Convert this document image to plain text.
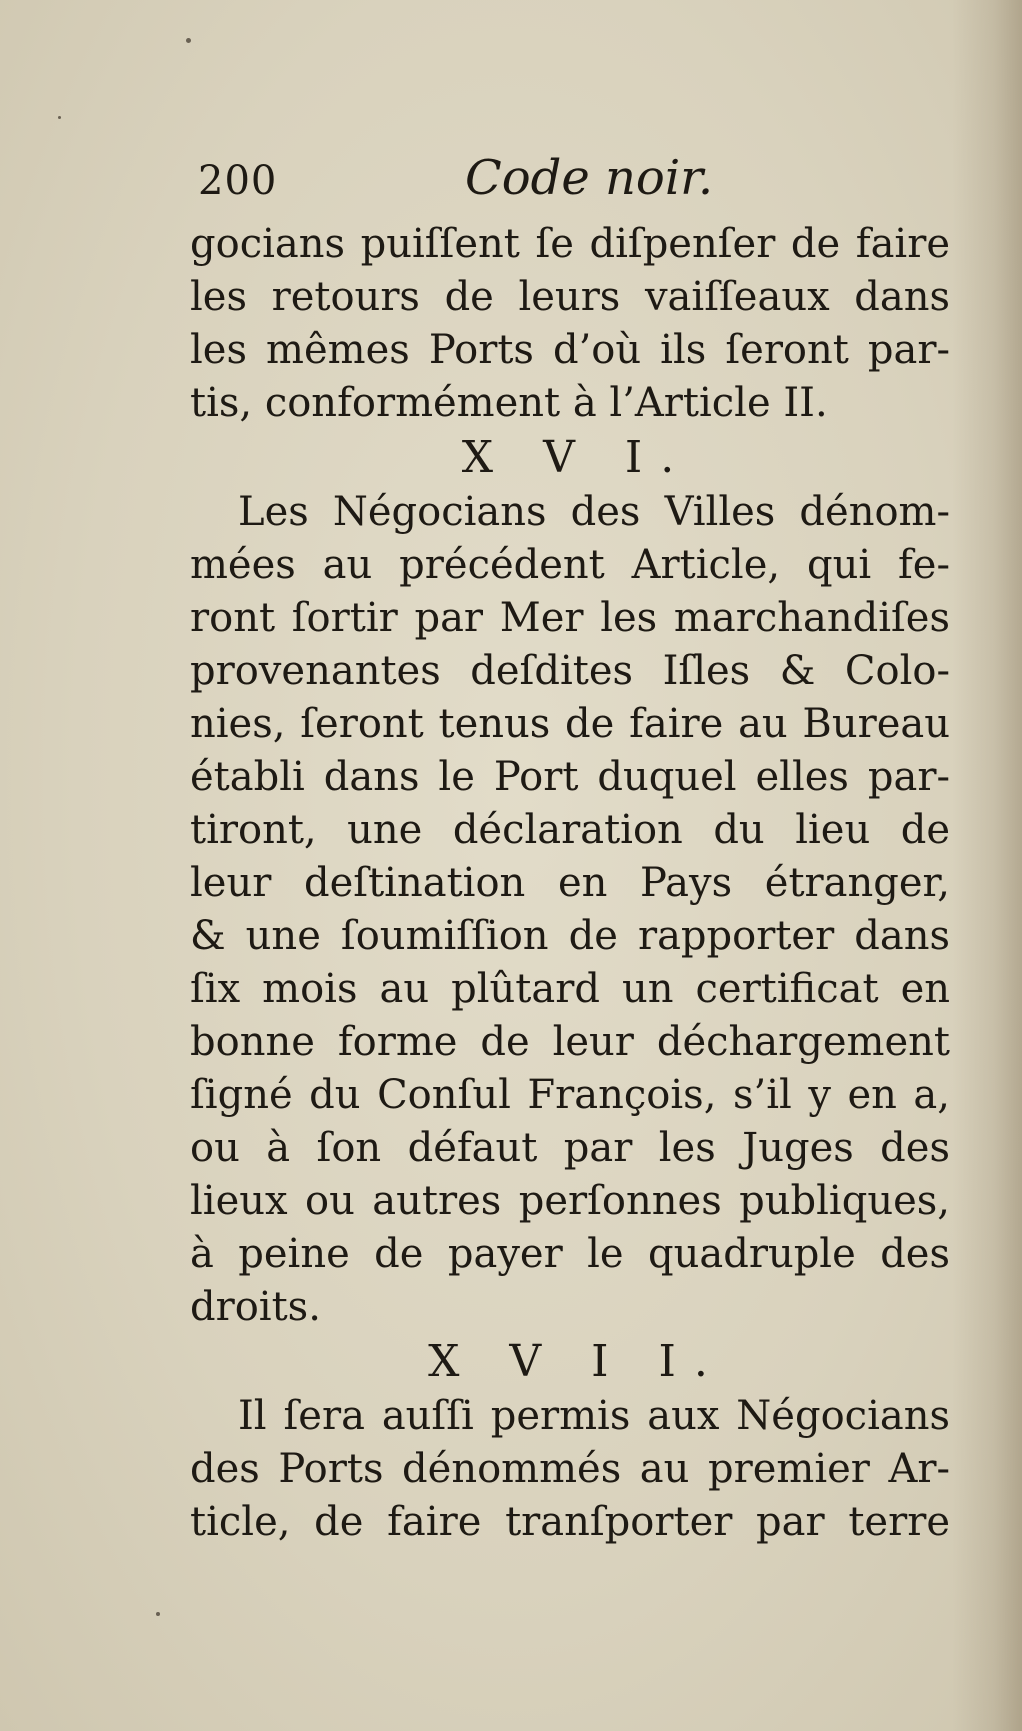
200	Code noir.
gocians puiſſent ſe diſpenſer de faire
les retours de leurs vaiſſeaux dans
les mêmes Ports d’où ils ſeront par-
tis, conformément à l’Article II.
X V I.
Les Négocians des Villes dénom-
mées au précédent Article, qui fe-
ront ſortir par Mer les marchandiſes
provenantes deſdites Iſles & Colo-
nies, ſeront tenus de faire au Bureau
établi dans le Port duquel elles par-
tiront, une déclaration du lieu de
leur deſtination en Pays étranger,
& une ſoumiſſion de rapporter dans
ſix mois au plûtard un certificat en
bonne forme de leur déchargement
ſigné du Conſul François, s’il y en a,
ou à ſon défaut par les Juges des
lieux ou autres perſonnes publiques,
à peine de payer le quadruple des
droits.
X V I I.
Il ſera auſſi permis aux Négocians
des Ports dénommés au premier Ar-
ticle, de faire tranſporter par terre
